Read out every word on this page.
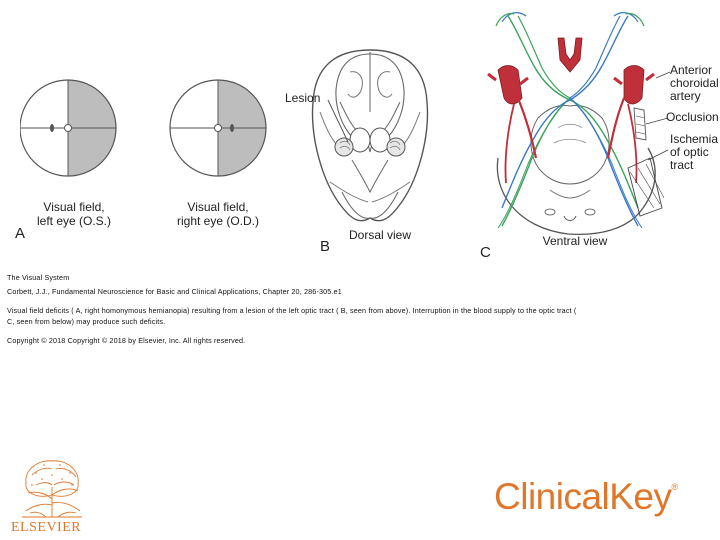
Visual field,
left eye (O.S.)
Visual field,
right eye (O.D.)
A
Lesion
Dorsal view
B
Anterior
choroidal
artery
Occlusion
Ischemia
of optic
tract
Ventral view
C
The Visual System
Corbett, J.J., Fundamental Neuroscience for Basic and Clinical Applications, Chapter 20, 286-305.e1
Visual field deficits ( A, right homonymous hemianopia) resulting from a lesion of the left optic tract ( B, seen from above). Interruption in the blood supply to the optic tract (
C, seen from below) may produce such deficits.
Copyright © 2018 Copyright © 2018 by Elsevier, Inc. All rights reserved.
ELSEVIER
ClinicalKey®
